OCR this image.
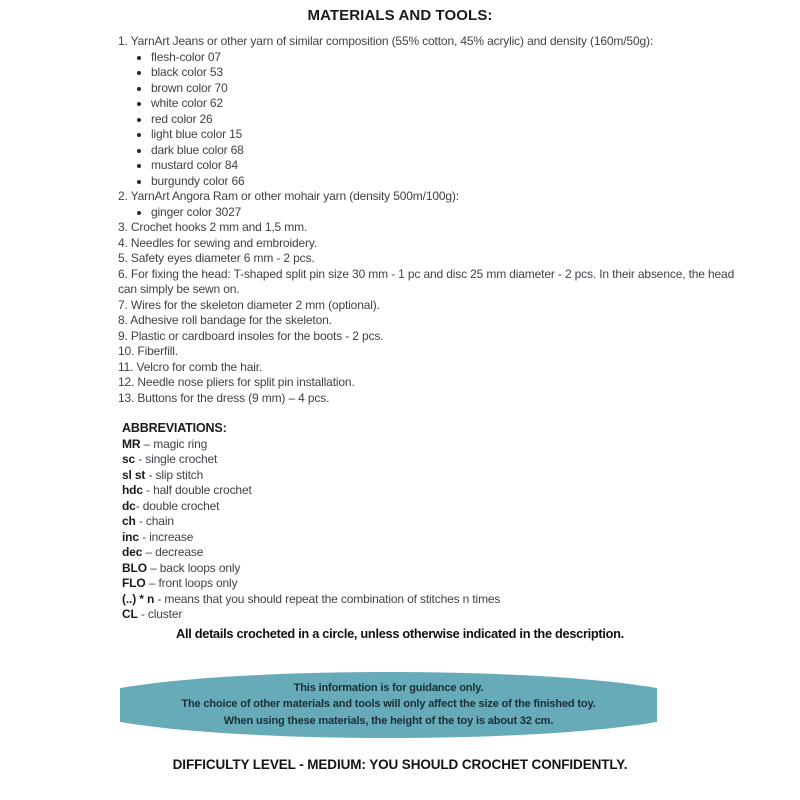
MATERIALS AND TOOLS:
1. YarnArt Jeans or other yarn of similar composition (55% cotton, 45% acrylic) and density (160m/50g):
flesh-color 07
black color 53
brown color 70
white color 62
red color 26
light blue color 15
dark blue color 68
mustard color 84
burgundy color 66
2. YarnArt Angora Ram or other mohair yarn (density 500m/100g):
ginger color 3027
3. Crochet hooks 2 mm and 1,5 mm.
4. Needles for sewing and embroidery.
5. Safety eyes diameter 6 mm - 2 pcs.
6. For fixing the head: T-shaped split pin size 30 mm - 1 pc and disc 25 mm diameter - 2 pcs. In their absence, the head can simply be sewn on.
7. Wires for the skeleton diameter 2 mm (optional).
8. Adhesive roll bandage for the skeleton.
9. Plastic or cardboard insoles for the boots - 2 pcs.
10. Fiberfill.
11. Velcro for comb the hair.
12. Needle nose pliers for split pin installation.
13. Buttons for the dress (9 mm) – 4 pcs.
ABBREVIATIONS:
MR – magic ring
sc - single crochet
sl st - slip stitch
hdc - half double crochet
dc- double crochet
ch - chain
inc - increase
dec – decrease
BLO – back loops only
FLO – front loops only
(..) * n - means that you should repeat the combination of stitches n times
CL - cluster
All details crocheted in a circle, unless otherwise indicated in the description.
This information is for guidance only.
The choice of other materials and tools will only affect the size of the finished toy.
When using these materials, the height of the toy is about 32 cm.
DIFFICULTY LEVEL - MEDIUM: YOU SHOULD CROCHET CONFIDENTLY.
